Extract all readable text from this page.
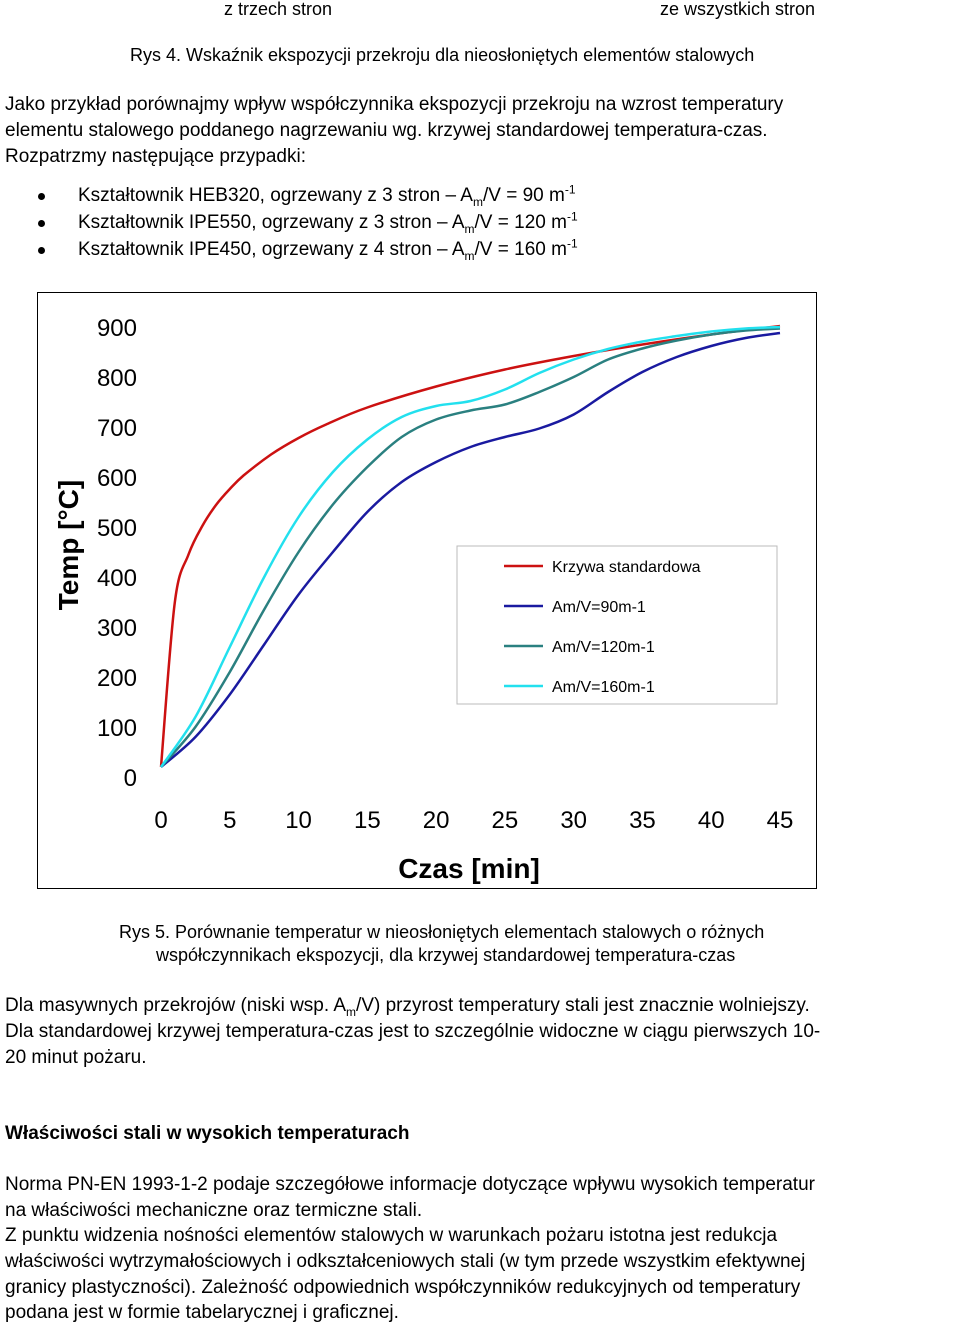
z trzech stron	ze wszystkich stron
Rys 4. Wskaźnik ekspozycji przekroju dla nieosłoniętych elementów stalowych
Jako przykład porównajmy wpływ współczynnika ekspozycji przekroju na wzrost temperatury
elementu stalowego poddanego nagrzewaniu wg. krzywej standardowej temperatura-czas.
Rozpatrzmy następujące przypadki:
Kształtownik HEB320, ogrzewany z 3 stron – $A_m/V = 90$ $m^{-1}$
Kształtownik IPE550, ogrzewany z 3 stron – $A_m/V = 120$ $m^{-1}$
Kształtownik IPE450, ogrzewany z 4 stron – $A_m/V = 160$ $m^{-1}$
0
100
200
300
400
500
600
700
800
900
0 5 10 15 20 25 30 35 40 45
Temp [°C]
Czas [min]
Krzywa standardowa
Am/V=90m-1
Am/V=120m-1
Am/V=160m-1
Rys 5. Porównanie temperatur w nieosłoniętych elementach stalowych o różnych
współczynnikach ekspozycji, dla krzywej standardowej temperatura-czas
Dla masywnych przekrojów (niski wsp. $A_m/V$) przyrost temperatury stali jest znacznie wolniejszy.
Dla standardowej krzywej temperatura-czas jest to szczególnie widoczne w ciągu pierwszych 10-
20 minut pożaru.
Właściwości stali w wysokich temperaturach
Norma PN-EN 1993-1-2 podaje szczegółowe informacje dotyczące wpływu wysokich temperatur
na właściwości mechaniczne oraz termiczne stali.
Z punktu widzenia nośności elementów stalowych w warunkach pożaru istotna jest redukcja
właściwości wytrzymałościowych i odkształceniowych stali (w tym przede wszystkim efektywnej
granicy plastyczności). Zależność odpowiednich współczynników redukcyjnych od temperatury
podana jest w formie tabelarycznej i graficznej.
